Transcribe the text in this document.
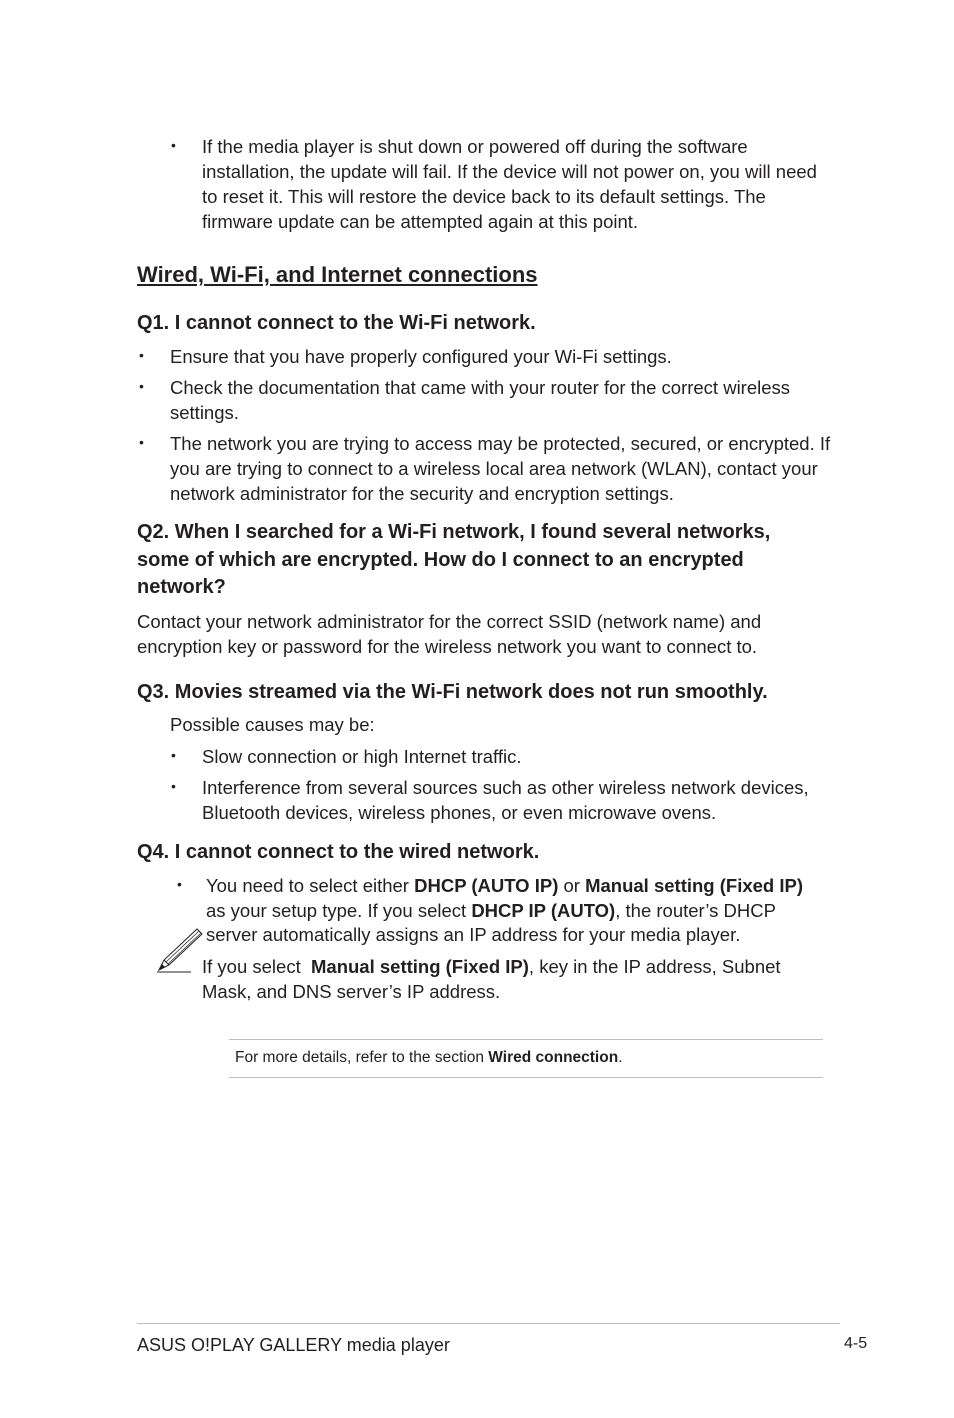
• If the media player is shut down or powered off during the software installation, the update will fail. If the device will not power on, you will need to reset it. This will restore the device back to its default settings. The firmware update can be attempted again at this point.
Wired, Wi-Fi, and Internet connections
Q1. I cannot connect to the Wi-Fi network.
• Ensure that you have properly configured your Wi-Fi settings.
• Check the documentation that came with your router for the correct wireless settings.
• The network you are trying to access may be protected, secured, or encrypted. If you are trying to connect to a wireless local area network (WLAN), contact your network administrator for the security and encryption settings.
Q2. When I searched for a Wi-Fi network, I found several networks, some of which are encrypted. How do I connect to an encrypted network?
Contact your network administrator for the correct SSID (network name) and encryption key or password for the wireless network you want to connect to.
Q3. Movies streamed via the Wi-Fi network does not run smoothly.
Possible causes may be:
• Slow connection or high Internet traffic.
• Interference from several sources such as other wireless network devices, Bluetooth devices, wireless phones, or even microwave ovens.
Q4. I cannot connect to the wired network.
• You need to select either DHCP (AUTO IP) or Manual setting (Fixed IP)
as your setup type. If you select DHCP IP (AUTO), the router’s DHCP
server automatically assigns an IP address for your media player.
If you select  Manual setting (Fixed IP), key in the IP address, Subnet
Mask, and DNS server’s IP address.
For more details, refer to the section Wired connection.
ASUS O!PLAY GALLERY media player	4-5
